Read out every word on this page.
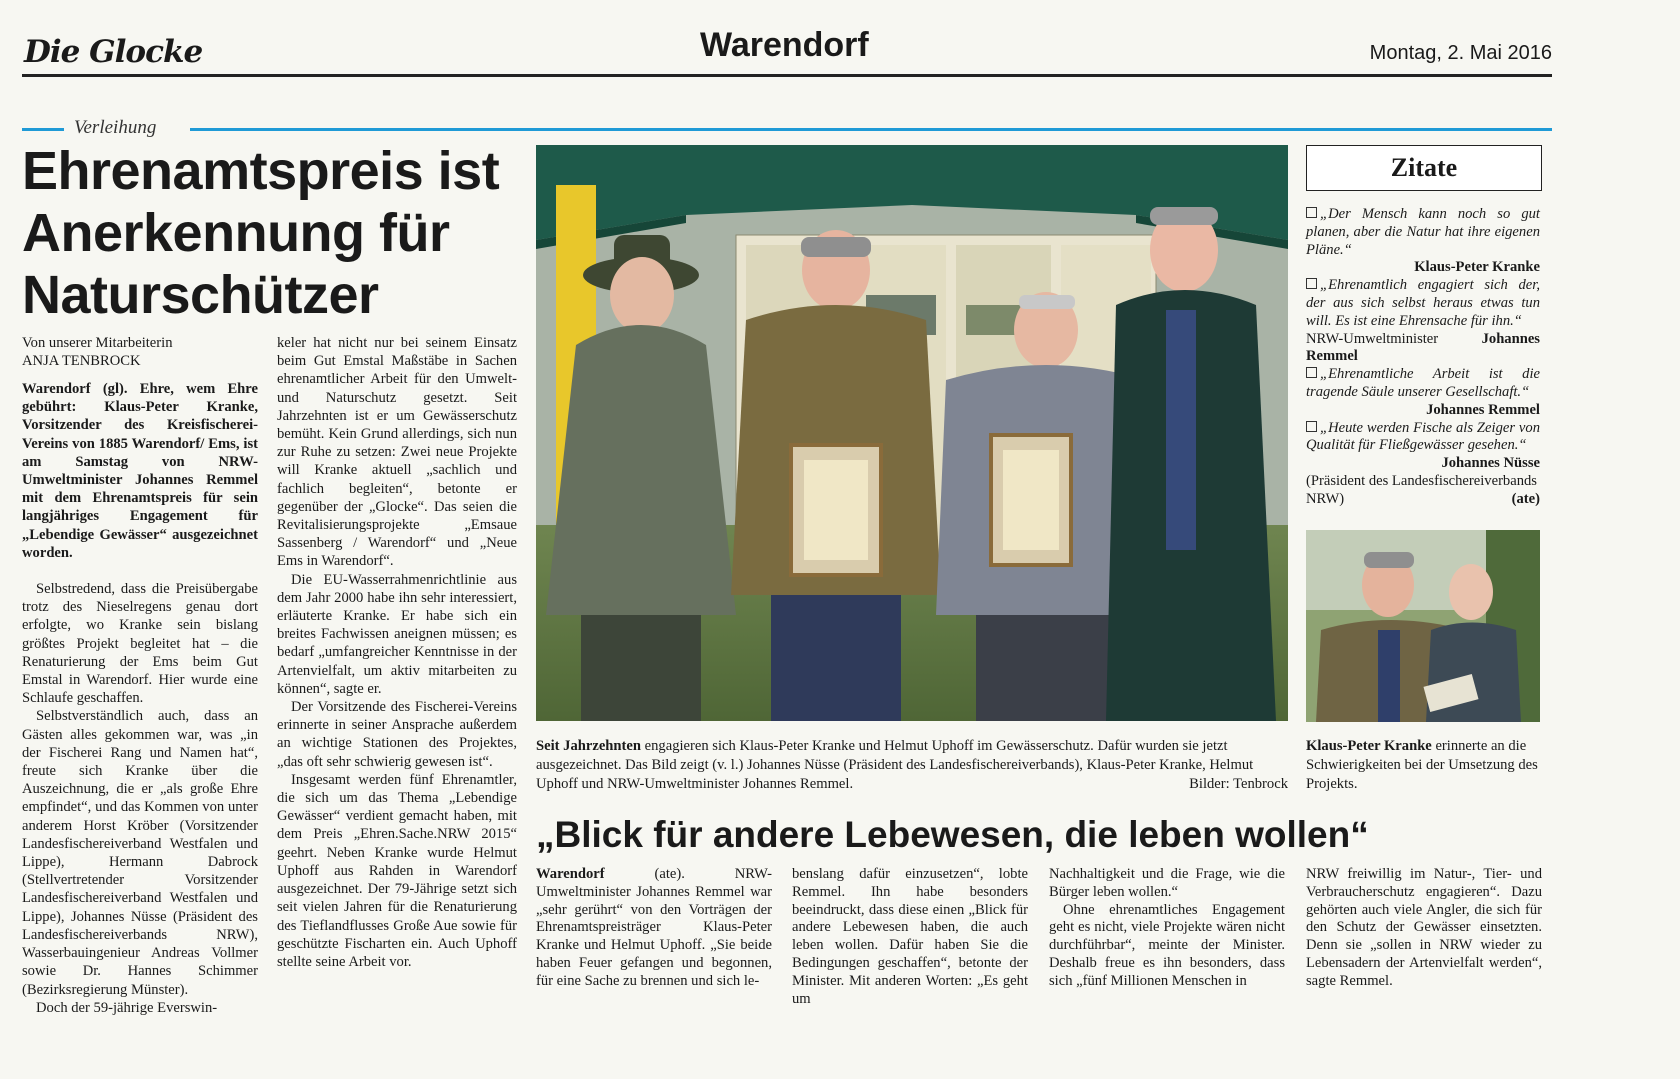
Die Glocke	Warendorf	Montag, 2. Mai 2016
Verleihung
Ehrenamtspreis ist Anerkennung für Naturschützer
Von unserer Mitarbeiterin
ANJA TENBROCK

Warendorf (gl). Ehre, wem Ehre gebührt: Klaus-Peter Kranke, Vorsitzender des Kreisfischerei-Vereins von 1885 Warendorf/ Ems, ist am Samstag von NRW-Umweltminister Johannes Remmel mit dem Ehrenamtspreis für sein langjähriges Engagement für „Lebendige Gewässer“ ausgezeichnet worden.

Selbstredend, dass die Preisübergabe trotz des Nieselregens genau dort erfolgte, wo Kranke sein bislang größtes Projekt begleitet hat – die Renaturierung der Ems beim Gut Emstal in Warendorf. Hier wurde eine Schlaufe geschaffen.

Selbstverständlich auch, dass an Gästen alles gekommen war, was „in der Fischerei Rang und Namen hat“, freute sich Kranke über die Auszeichnung, die er „als große Ehre empfindet“, und das Kommen von unter anderem Horst Kröber (Vorsitzender Landesfischereiverband Westfalen und Lippe), Hermann Dabrock (Stellvertretender Vorsitzender Landesfischereiverband Westfalen und Lippe), Johannes Nüsse (Präsident des Landesfischereiverbands NRW), Wasserbauingenieur Andreas Vollmer sowie Dr. Hannes Schimmer (Bezirksregierung Münster).

Doch der 59-jährige Everswin-

keler hat nicht nur bei seinem Einsatz beim Gut Emstal Maßstäbe in Sachen ehrenamtlicher Arbeit für den Umwelt- und Naturschutz gesetzt. Seit Jahrzehnten ist er um Gewässerschutz bemüht. Kein Grund allerdings, sich nun zur Ruhe zu setzen: Zwei neue Projekte will Kranke aktuell „sachlich und fachlich begleiten“, betonte er gegenüber der „Glocke“. Das seien die Revitalisierungsprojekte „Emsaue Sassenberg / Warendorf“ und „Neue Ems in Warendorf“.

Die EU-Wasserrahmenrichtlinie aus dem Jahr 2000 habe ihn sehr interessiert, erläuterte Kranke. Er habe sich ein breites Fachwissen aneignen müssen; es bedarf „umfangreicher Kenntnisse in der Artenvielfalt, um aktiv mitarbeiten zu können“, sagte er.

Der Vorsitzende des Fischerei-Vereins erinnerte in seiner Ansprache außerdem an wichtige Stationen des Projektes, „das oft sehr schwierig gewesen ist“.

Insgesamt werden fünf Ehrenamtler, die sich um das Thema „Lebendige Gewässer“ verdient gemacht haben, mit dem Preis „Ehren.Sache.NRW 2015“ geehrt. Neben Kranke wurde Helmut Uphoff aus Rahden in Warendorf ausgezeichnet. Der 79-Jährige setzt sich seit vielen Jahren für die Renaturierung des Tieflandflusses Große Aue sowie für geschützte Fischarten ein. Auch Uphoff stellte seine Arbeit vor.

Seit Jahrzehnten engagieren sich Klaus-Peter Kranke und Helmut Uphoff im Gewässerschutz. Dafür wurden sie jetzt ausgezeichnet. Das Bild zeigt (v. l.) Johannes Nüsse (Präsident des Landesfischereiverbands), Klaus-Peter Kranke, Helmut Uphoff und NRW-Umweltminister Johannes Remmel.	Bilder: Tenbrock
Zitate
„Der Mensch kann noch so gut planen, aber die Natur hat ihre eigenen Pläne.“
Klaus-Peter Kranke
„Ehrenamtlich engagiert sich der, der aus sich selbst heraus etwas tun will. Es ist eine Ehrensache für ihn.“
NRW-Umweltminister Johannes Remmel
„Ehrenamtliche Arbeit ist die tragende Säule unserer Gesellschaft.“
Johannes Remmel
„Heute werden Fische als Zeiger von Qualität für Fließgewässer gesehen.“
Johannes Nüsse
(Präsident des Landesfischereiverbands NRW)	(ate)
Klaus-Peter Kranke erinnerte an die Schwierigkeiten bei der Umsetzung des Projekts.
„Blick für andere Lebewesen, die leben wollen“

Warendorf (ate). NRW-Umweltminister Johannes Remmel war „sehr gerührt“ von den Vorträgen der Ehrenamtspreisträger Klaus-Peter Kranke und Helmut Uphoff. „Sie beide haben Feuer gefangen und begonnen, für eine Sache zu brennen und sich le-

benslang dafür einzusetzen“, lobte Remmel. Ihn habe besonders beeindruckt, dass diese einen „Blick für andere Lebewesen haben, die auch leben wollen. Dafür haben Sie die Bedingungen geschaffen“, betonte der Minister. Mit anderen Worten: „Es geht um

Nachhaltigkeit und die Frage, wie die Bürger leben wollen.“

Ohne ehrenamtliches Engagement geht es nicht, viele Projekte wären nicht durchführbar“, meinte der Minister. Deshalb freue es ihn besonders, dass sich „fünf Millionen Menschen in

NRW freiwillig im Natur-, Tier- und Verbraucherschutz engagieren“. Dazu gehörten auch viele Angler, die sich für den Schutz der Gewässer einsetzten. Denn sie „sollen in NRW wieder zu Lebensadern der Artenvielfalt werden“, sagte Remmel.
